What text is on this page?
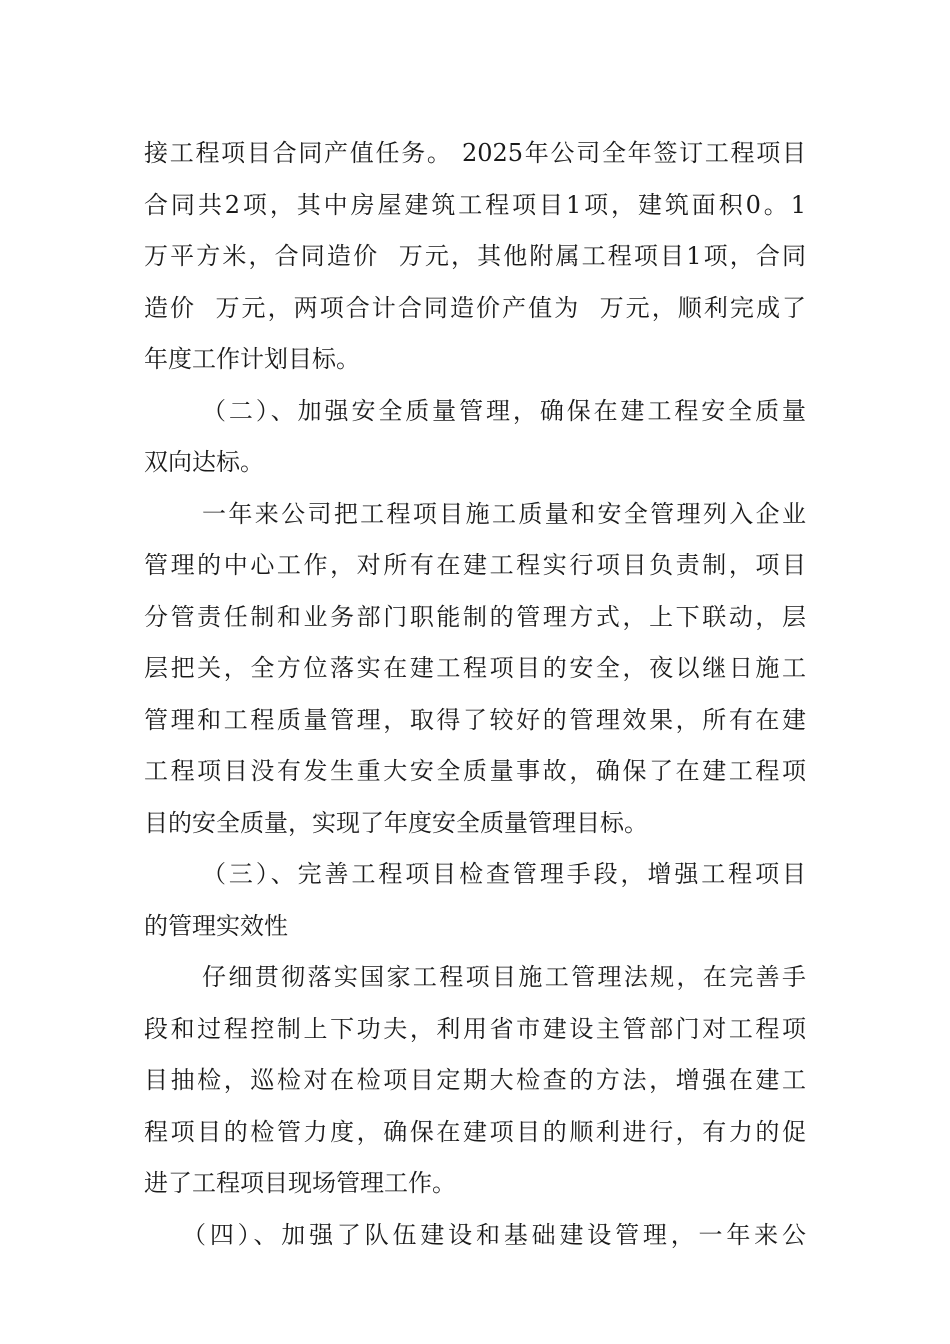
接工程项目合同产值任务。 2025年公司全年签订工程项目
合同共2项，其中房屋建筑工程项目1项，建筑面积0。1
万平方米，合同造价  万元，其他附属工程项目1项，合同
造价  万元，两项合计合同造价产值为  万元，顺利完成了
年度工作计划目标。
（二）、加强安全质量管理，确保在建工程安全质量
双向达标。
一年来公司把工程项目施工质量和安全管理列入企业
管理的中心工作，对所有在建工程实行项目负责制，项目
分管责任制和业务部门职能制的管理方式，上下联动，层
层把关，全方位落实在建工程项目的安全，夜以继日施工
管理和工程质量管理，取得了较好的管理效果，所有在建
工程项目没有发生重大安全质量事故，确保了在建工程项
目的安全质量，实现了年度安全质量管理目标。
（三）、完善工程项目检查管理手段，增强工程项目
的管理实效性
仔细贯彻落实国家工程项目施工管理法规，在完善手
段和过程控制上下功夫，利用省市建设主管部门对工程项
目抽检，巡检对在检项目定期大检查的方法，增强在建工
程项目的检管力度，确保在建项目的顺利进行，有力的促
进了工程项目现场管理工作。
（四）、加强了队伍建设和基础建设管理，一年来公
